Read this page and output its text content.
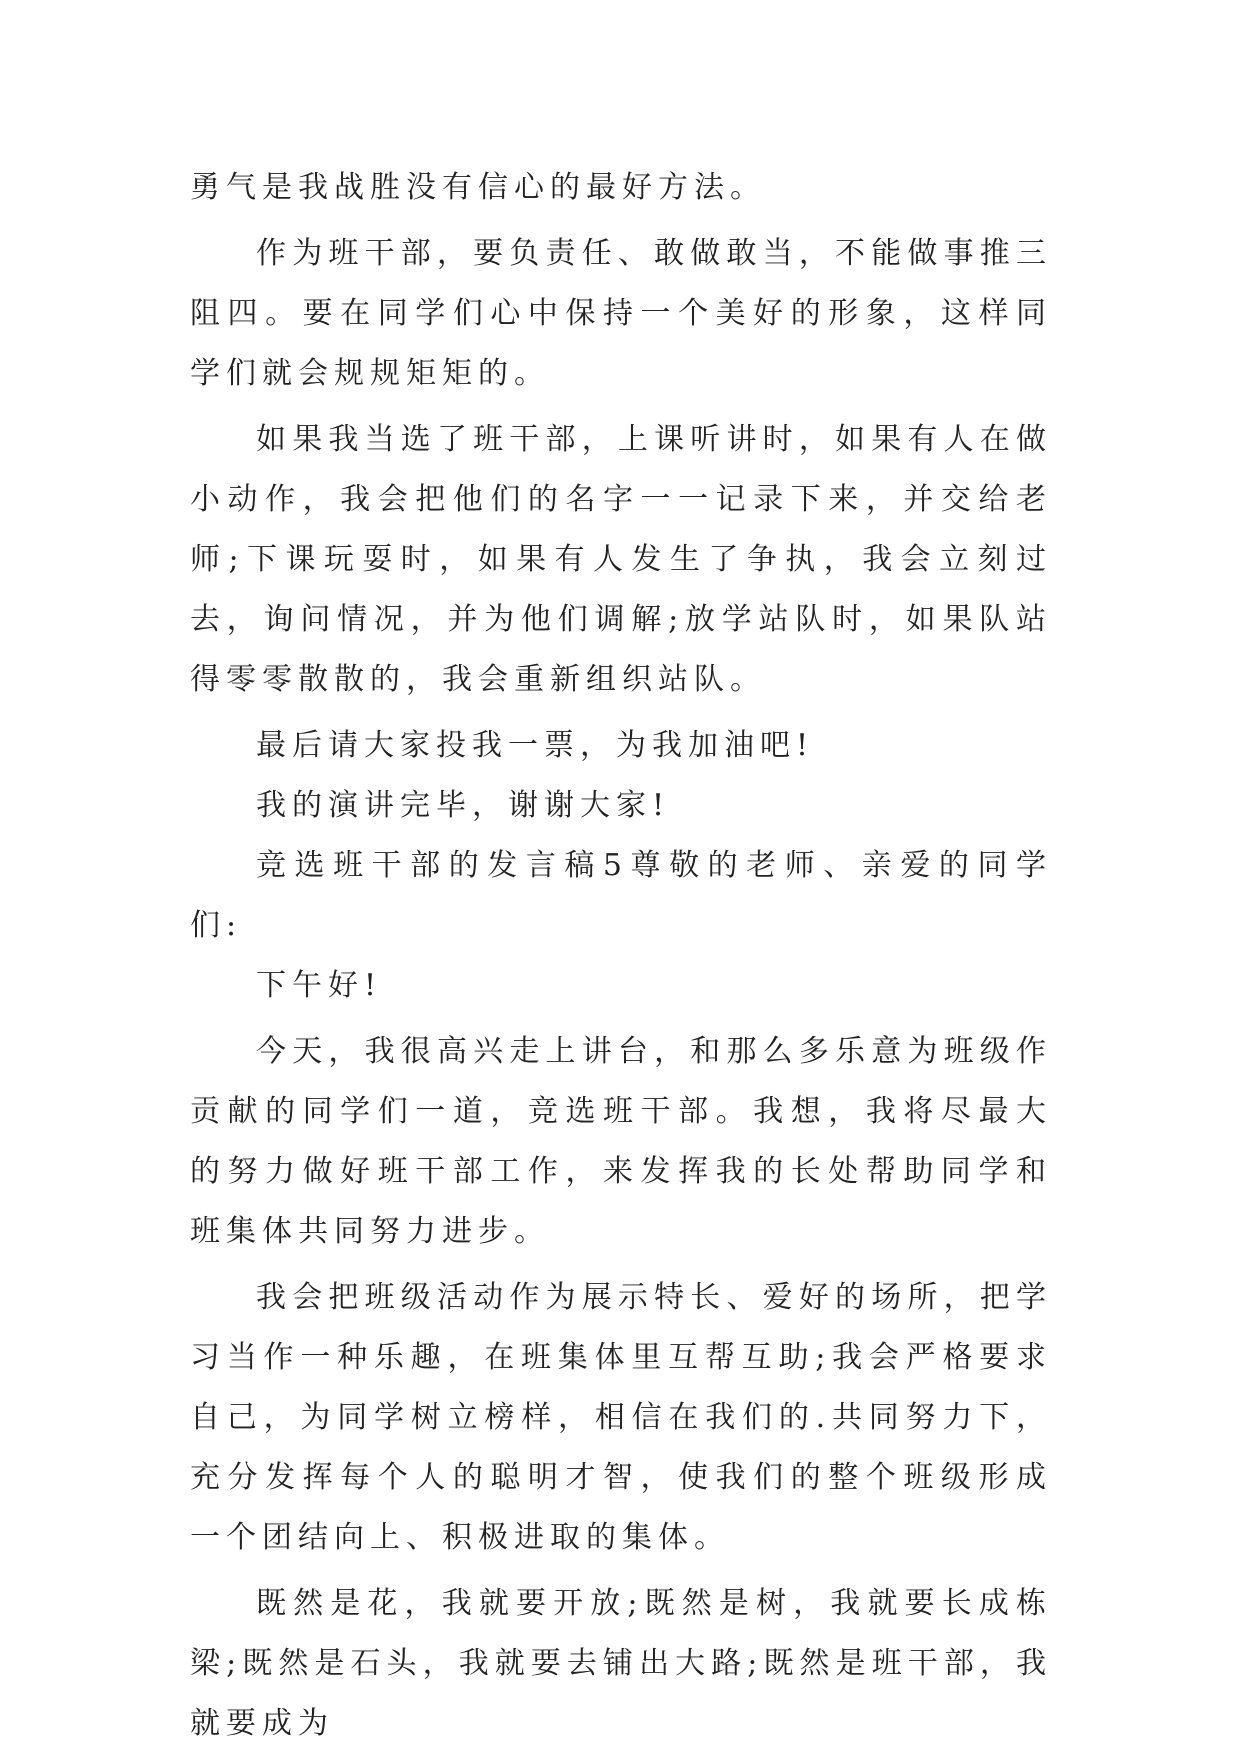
勇气是我战胜没有信心的最好方法。

作为班干部，要负责任、敢做敢当，不能做事推三阻四。要在同学们心中保持一个美好的形象，这样同学们就会规规矩矩的。

如果我当选了班干部，上课听讲时，如果有人在做小动作，我会把他们的名字一一记录下来，并交给老师;下课玩耍时，如果有人发生了争执，我会立刻过去，询问情况，并为他们调解;放学站队时，如果队站得零零散散的，我会重新组织站队。

最后请大家投我一票，为我加油吧!

我的演讲完毕，谢谢大家!

竞选班干部的发言稿5尊敬的老师、亲爱的同学们:

下午好!

今天，我很高兴走上讲台，和那么多乐意为班级作贡献的同学们一道，竞选班干部。我想，我将尽最大的努力做好班干部工作，来发挥我的长处帮助同学和班集体共同努力进步。

我会把班级活动作为展示特长、爱好的场所，把学习当作一种乐趣，在班集体里互帮互助;我会严格要求自己，为同学树立榜样，相信在我们的.共同努力下，充分发挥每个人的聪明才智，使我们的整个班级形成一个团结向上、积极进取的集体。

既然是花，我就要开放;既然是树，我就要长成栋梁;既然是石头，我就要去铺出大路;既然是班干部，我就要成为
